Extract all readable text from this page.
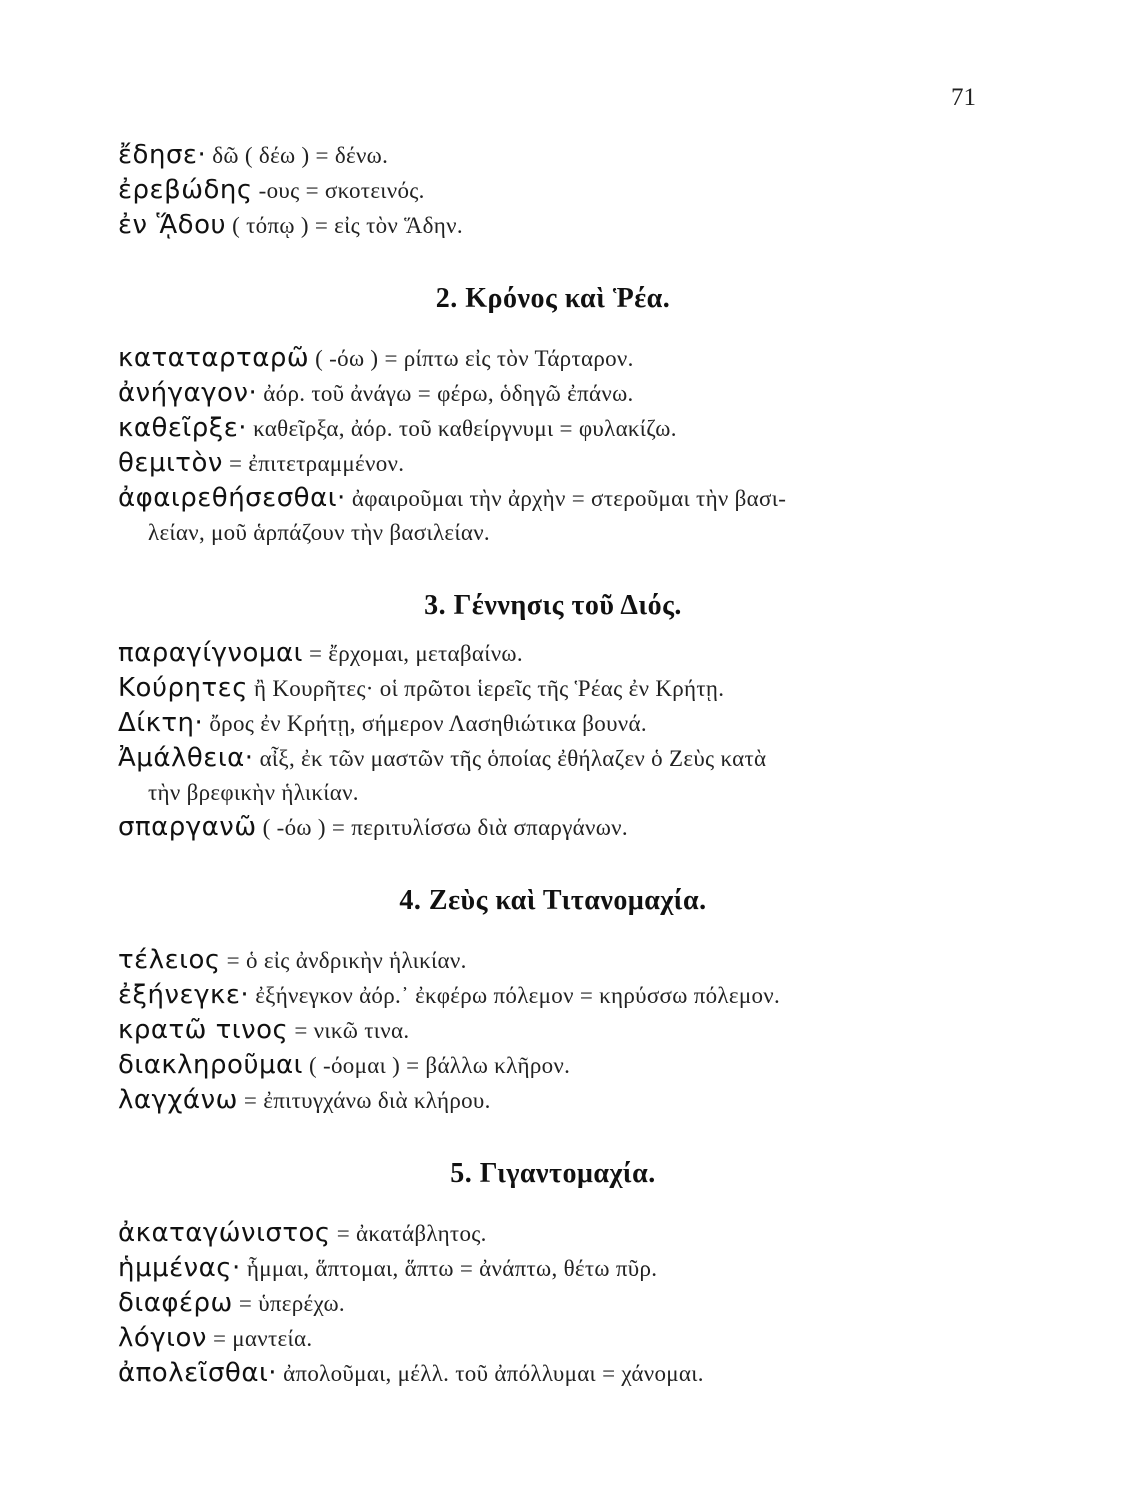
71

ἔδησε· δῶ ( δέω ) = δένω.

ἐρεβώδης -ους = σκοτεινός.

ἐν ᾍδου ( τόπῳ ) = εἰς τὸν Ἅδην.

2. Κρόνος καὶ Ῥέα.

καταταρταρῶ ( -όω ) = ρίπτω εἰς τὸν Τάρταρον.

ἀνήγαγον· ἀόρ. τοῦ ἀνάγω = φέρω, ὁδηγῶ ἐπάνω.

καθεῖρξε· καθεῖρξα, ἀόρ. τοῦ καθείργνυμι = φυλακίζω.

θεμιτὸν = ἐπιτετραμμένον.

ἀφαιρεθήσεσθαι· ἀφαιροῦμαι τὴν ἀρχὴν = στεροῦμαι τὴν βασι-

λείαν, μοῦ ἁρπάζουν τὴν βασιλείαν.

3. Γέννησις τοῦ Διός.

παραγίγνομαι = ἔρχομαι, μεταβαίνω.

Κούρητες ἢ Κουρῆτες· οἱ πρῶτοι ἱερεῖς τῆς Ῥέας ἐν Κρήτῃ.

Δίκτη· ὄρος ἐν Κρήτῃ, σήμερον Λασηθιώτικα βουνά.

Ἀμάλθεια· αἶξ, ἐκ τῶν μαστῶν τῆς ὁποίας ἐθήλαζεν ὁ Ζεὺς κατὰ

τὴν βρεφικὴν ἡλικίαν.

σπαργανῶ ( -όω ) = περιτυλίσσω διὰ σπαργάνων.

4. Ζεὺς καὶ Τιτανομαχία.

τέλειος = ὁ εἰς ἀνδρικὴν ἡλικίαν.

ἐξήνεγκε· ἐξήνεγκον ἀόρ.᾿ ἐκφέρω πόλεμον = κηρύσσω πόλεμον.

κρατῶ τινος = νικῶ τινα.

διακληροῦμαι ( -όομαι ) = βάλλω κλῆρον.

λαγχάνω = ἐπιτυγχάνω διὰ κλήρου.

5. Γιγαντομαχία.

ἀκαταγώνιστος = ἀκατάβλητος.

ἡμμένας· ἧμμαι, ἅπτομαι, ἅπτω = ἀνάπτω, θέτω πῦρ.

διαφέρω = ὑπερέχω.

λόγιον = μαντεία.

ἀπολεῖσθαι· ἀπολοῦμαι, μέλλ. τοῦ ἀπόλλυμαι = χάνομαι.
